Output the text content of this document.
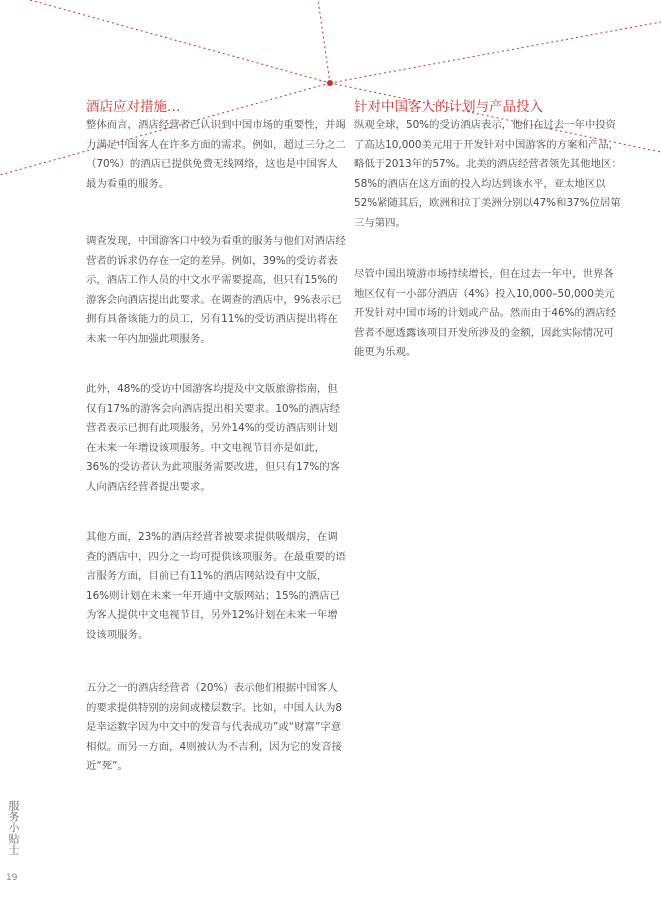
酒店应对措施…

整体而言，酒店经营者已认识到中国市场的重要性，并竭力满足中国客人在许多方面的需求。例如，超过三分之二（70%）的酒店已提供免费无线网络，这也是中国客人最为看重的服务。

调查发现，中国游客口中较为看重的服务与他们对酒店经营者的诉求仍存在一定的差异。例如，39%的受访者表示，酒店工作人员的中文水平需要提高，但只有15%的游客会向酒店提出此要求。在调查的酒店中，9%表示已拥有具备该能力的员工，另有11%的受访酒店提出将在未来一年内加强此项服务。

此外，48%的受访中国游客均提及中文版旅游指南，但仅有17%的游客会向酒店提出相关要求。10%的酒店经营者表示已拥有此项服务，另外14%的受访酒店则计划在未来一年增设该项服务。中文电视节目亦是如此，36%的受访者认为此项服务需要改进，但只有17%的客人向酒店经营者提出要求。

其他方面，23%的酒店经营者被要求提供吸烟房，在调查的酒店中，四分之一均可提供该项服务。在最重要的语言服务方面，目前已有11%的酒店网站设有中文版，16%则计划在未来一年开通中文版网站；15%的酒店已为客人提供中文电视节目，另外12%计划在未来一年增设该项服务。

五分之一的酒店经营者（20%）表示他们根据中国客人的要求提供特别的房间或楼层数字。比如，中国人认为8是幸运数字因为中文中的发音与代表成功”或“财富”字意相似。而另一方面，4则被认为不吉利，因为它的发音接近“死”。

针对中国客人的计划与产品投入

纵观全球，50%的受访酒店表示，他们在过去一年中投资了高达10,000美元用于开发针对中国游客的方案和产品，略低于2013年的57%。北美的酒店经营者领先其他地区：58%的酒店在这方面的投入均达到该水平，亚太地区以52%紧随其后，欧洲和拉丁美洲分别以47%和37%位居第三与第四。

尽管中国出境游市场持续增长，但在过去一年中，世界各地区仅有一小部分酒店（4%）投入10,000–50,000美元开发针对中国市场的计划或产品。然而由于46%的酒店经营者不愿透露该项目开发所涉及的金额，因此实际情况可能更为乐观。

服务小贴士
19
